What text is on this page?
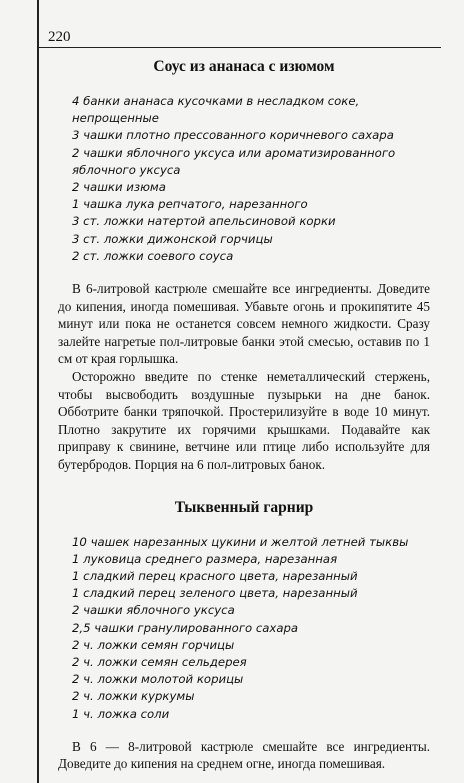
220
Соус из ананаса с изюмом
4 банки ананаса кусочками в несладком соке, непрощенные
3 чашки плотно прессованного коричневого сахара
2 чашки яблочного уксуса или ароматизированного яблочного уксуса
2 чашки изюма
1 чашка лука репчатого, нарезанного
3 ст. ложки натертой апельсиновой корки
3 ст. ложки дижонской горчицы
2 ст. ложки соевого соуса

В 6-литровой кастрюле смешайте все ингредиенты. Доведите до кипения, иногда помешивая. Убавьте огонь и прокипятите 45 минут или пока не останется совсем немного жидкости. Сразу залейте нагретые пол-литровые банки этой смесью, оставив по 1 см от края горлышка.

Осторожно введите по стенке неметаллический стержень, чтобы высвободить воздушные пузырьки на дне банок. Обботрите банки тряпочкой. Простерилизуйте в воде 10 минут. Плотно закрутите их горячими крышками. Подавайте как приправу к свинине, ветчине или птице либо используйте для бутербродов. Порция на 6 пол-литровых банок.

Тыквенный гарнир
10 чашек нарезанных цукини и желтой летней тыквы
1 луковица среднего размера, нарезанная
1 сладкий перец красного цвета, нарезанный
1 сладкий перец зеленого цвета, нарезанный
2 чашки яблочного уксуса
2,5 чашки гранулированного сахара
2 ч. ложки семян горчицы
2 ч. ложки семян сельдерея
2 ч. ложки молотой корицы
2 ч. ложки куркумы
1 ч. ложка соли

В 6 — 8-литровой кастрюле смешайте все ингредиенты. Доведите до кипения на среднем огне, иногда помешивая.
